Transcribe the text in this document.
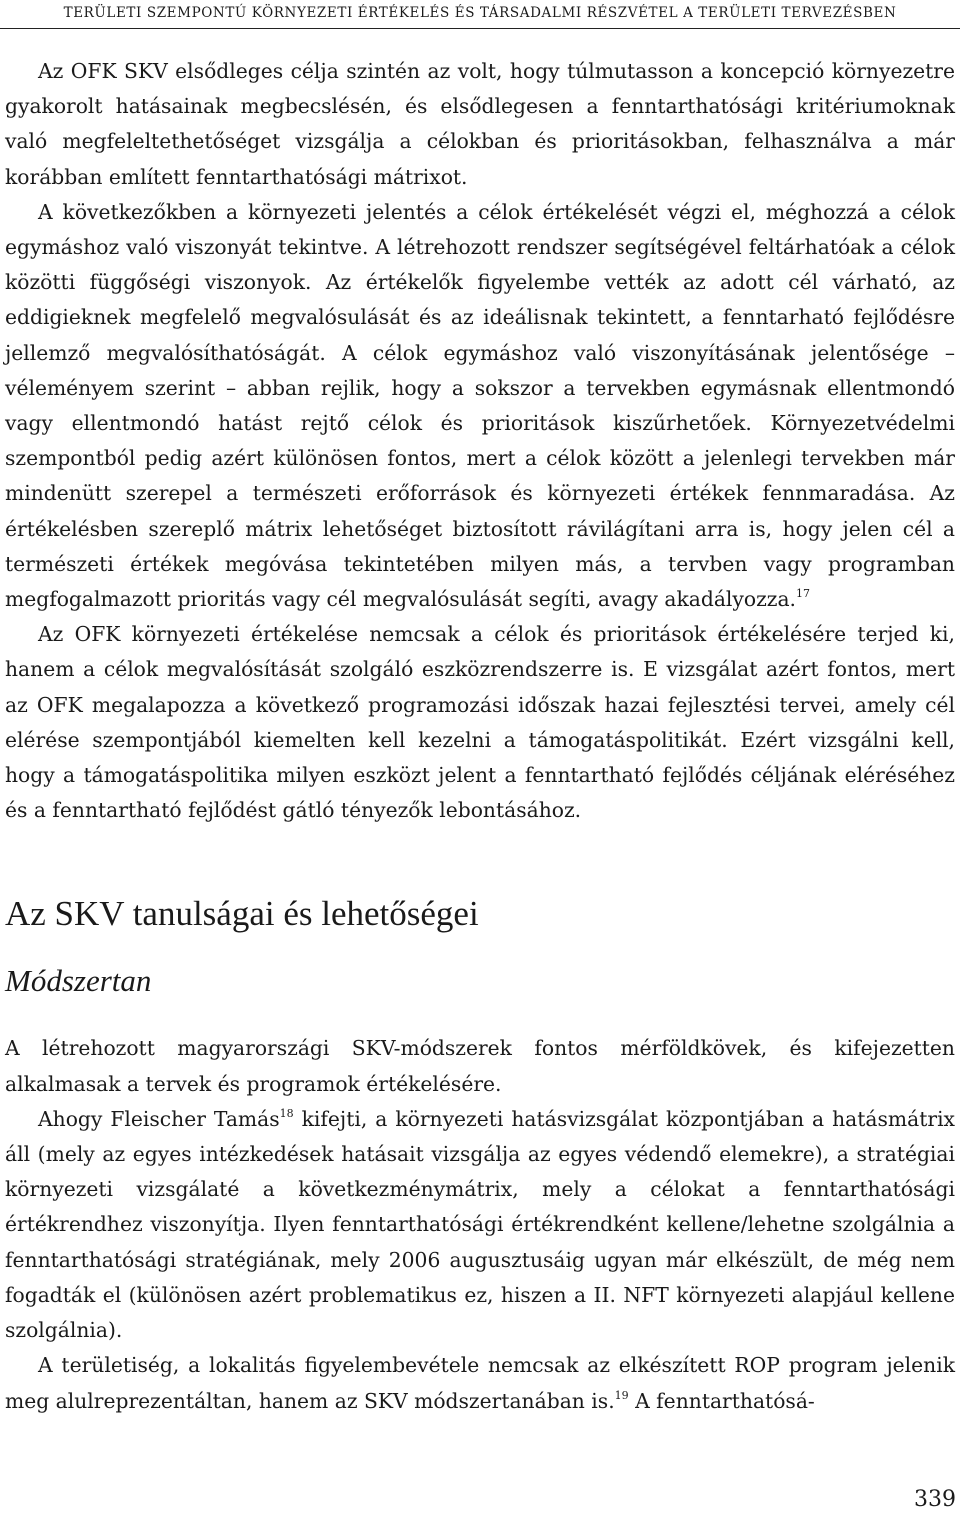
TERÜLETI SZEMPONTÚ KÖRNYEZETI ÉRTÉKELÉS ÉS TÁRSADALMI RÉSZVÉTEL A TERÜLETI TERVEZÉSBEN

Az OFK SKV elsődleges célja szintén az volt, hogy túlmutasson a koncepció környezetre gyakorolt hatásainak megbecslésén, és elsődlegesen a fenntarthatósági kritériumoknak való megfeleltethetőséget vizsgálja a célokban és prioritásokban, felhasználva a már korábban említett fenntarthatósági mátrixot.

A következőkben a környezeti jelentés a célok értékelését végzi el, méghozzá a célok egymáshoz való viszonyát tekintve. A létrehozott rendszer segítségével feltárhatóak a célok közötti függőségi viszonyok. Az értékelők figyelembe vették az adott cél várható, az eddigieknek megfelelő megvalósulását és az ideálisnak tekintett, a fenntarható fejlődésre jellemző megvalósíthatóságát. A célok egymáshoz való viszonyításának jelentősége – véleményem szerint – abban rejlik, hogy a sokszor a tervekben egymásnak ellentmondó vagy ellentmondó hatást rejtő célok és prioritások kiszűrhetőek. Környezetvédelmi szempontból pedig azért különösen fontos, mert a célok között a jelenlegi tervekben már mindenütt szerepel a természeti erőforrások és környezeti értékek fennmaradása. Az értékelésben szereplő mátrix lehetőséget biztosított rávilágítani arra is, hogy jelen cél a természeti értékek megóvása tekintetében milyen más, a tervben vagy programban megfogalmazott prioritás vagy cél megvalósulását segíti, avagy akadályozza.$^{17}$

Az OFK környezeti értékelése nemcsak a célok és prioritások értékelésére terjed ki, hanem a célok megvalósítását szolgáló eszközrendszerre is. E vizsgálat azért fontos, mert az OFK megalapozza a következő programozási időszak hazai fejlesztési tervei, amely cél elérése szempontjából kiemelten kell kezelni a támogatáspolitikát. Ezért vizsgálni kell, hogy a támogatáspolitika milyen eszközt jelent a fenntartható fejlődés céljának eléréséhez és a fenntartható fejlődést gátló tényezők lebontásához.

Az SKV tanulságai és lehetőségei
Módszertan

A létrehozott magyarországi SKV-módszerek fontos mérföldkövek, és kifejezetten alkalmasak a tervek és programok értékelésére.

Ahogy Fleischer Tamás$^{18}$ kifejti, a környezeti hatásvizsgálat központjában a hatásmátrix áll (mely az egyes intézkedések hatásait vizsgálja az egyes védendő elemekre), a stratégiai környezeti vizsgálaté a következménymátrix, mely a célokat a fenntarthatósági értékrendhez viszonyítja. Ilyen fenntarthatósági értékrendként kellene/lehetne szolgálnia a fenntarthatósági stratégiának, mely 2006 augusztusáig ugyan már elkészült, de még nem fogadták el (különösen azért problematikus ez, hiszen a II. NFT környezeti alapjául kellene szolgálnia).

A területiség, a lokalitás figyelembevétele nemcsak az elkészített ROP program jelenik meg alulreprezentáltan, hanem az SKV módszertanában is.$^{19}$ A fenntarthatósá-

339
